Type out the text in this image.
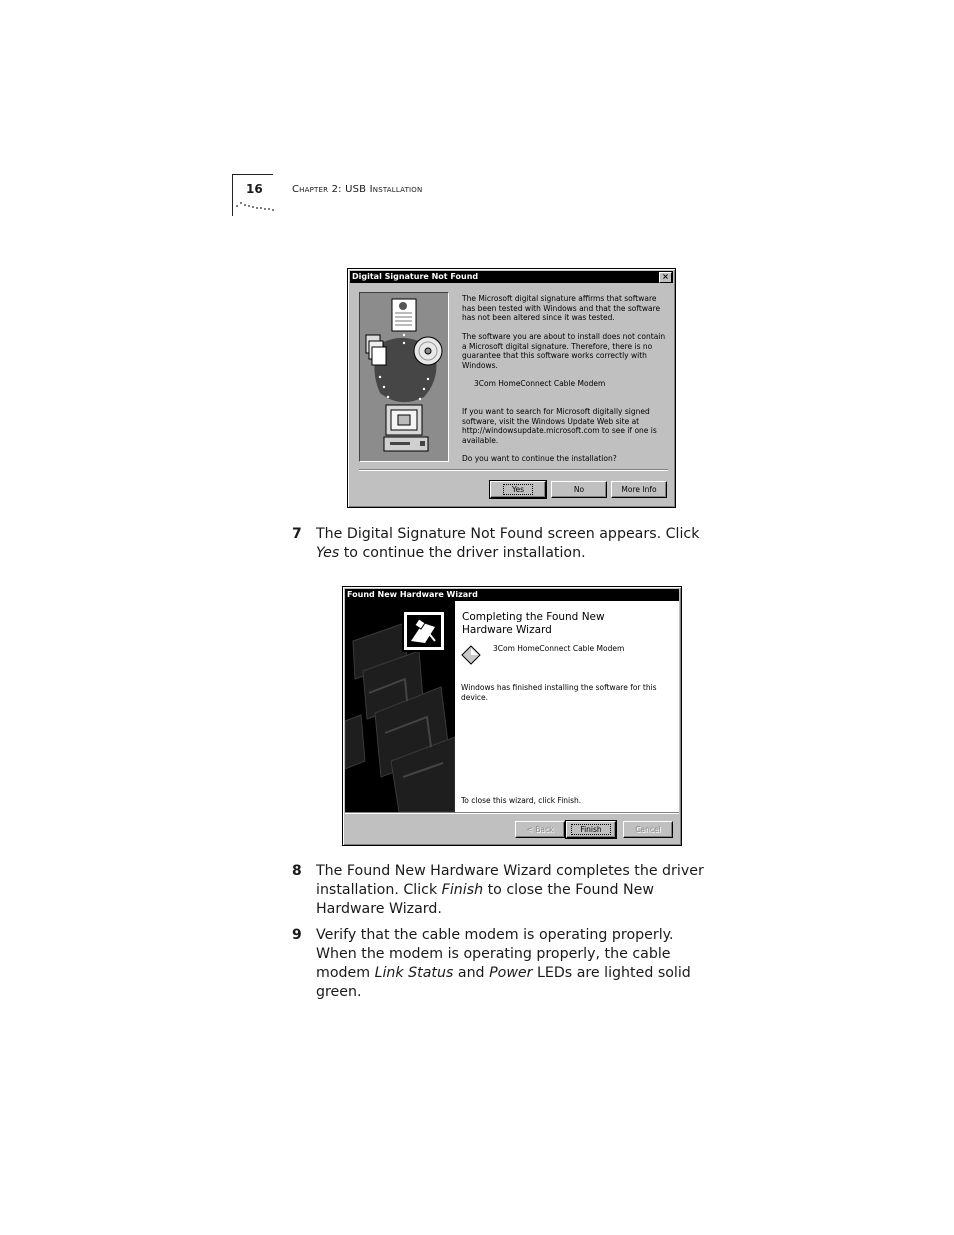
16	Chapter 2: USB Installation
Digital Signature Not Found	×
The Microsoft digital signature affirms that software has been tested with Windows and that the software has not been altered since it was tested.
The software you are about to install does not contain a Microsoft digital signature. Therefore, there is no guarantee that this software works correctly with Windows.
3Com HomeConnect Cable Modem
If you want to search for Microsoft digitally signed software, visit the Windows Update Web site at http://windowsupdate.microsoft.com to see if one is available.
Do you want to continue the installation?
Yes	No	More Info
7 The Digital Signature Not Found screen appears. Click Yes to continue the driver installation.
Found New Hardware Wizard
Completing the Found New Hardware Wizard
3Com HomeConnect Cable Modem
Windows has finished installing the software for this device.
To close this wizard, click Finish.
< Back	Finish	Cancel
8 The Found New Hardware Wizard completes the driver installation. Click Finish to close the Found New Hardware Wizard.
9 Verify that the cable modem is operating properly. When the modem is operating properly, the cable modem Link Status and Power LEDs are lighted solid green.
